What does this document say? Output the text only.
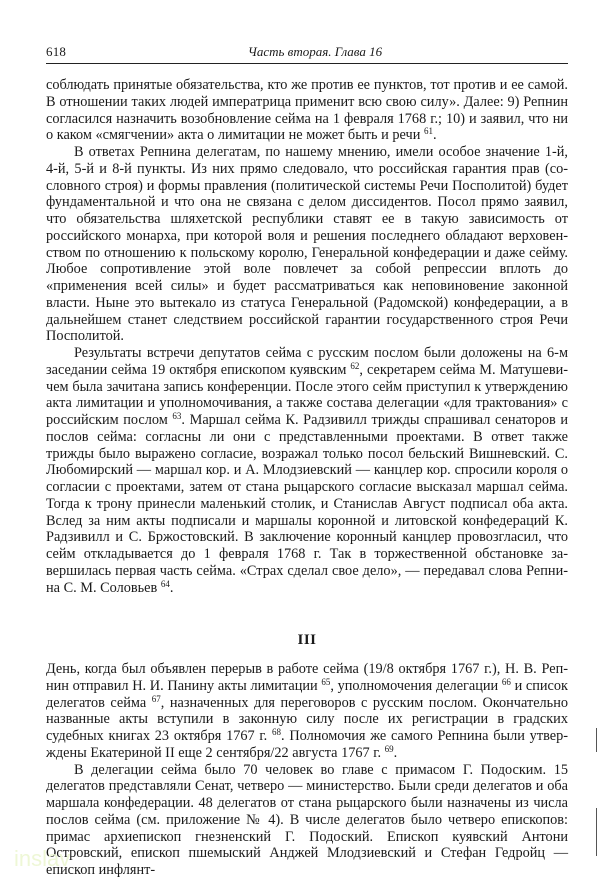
618	Часть вторая. Глава 16

соблюдать принятые обязательства, кто же против ее пунктов, тот против и ее самой. В отношении таких людей императрица применит всю свою силу». Далее: 9) Репнин согласился назначить возобновление сейма на 1 февраля 1768 г.; 10) и заявил, что ни о каком «смягчении» акта о лимитации не может быть и речи $^{61}$.

В ответах Репнина делегатам, по нашему мнению, имели особое значение 1-й, 4-й, 5-й и 8-й пункты. Из них прямо следовало, что российская гарантия прав (сословного строя) и формы правления (политической системы Речи Посполитой) будет фундаментальной и что она не связана с делом диссидентов. Посол прямо заявил, что обязательства шляхетской республики ставят ее в такую зависимость от российского монарха, при которой воля и решения последнего обладают верховенством по отношению к польскому королю, Генеральной конфедерации и даже сейму. Любое сопротивление этой воле повлечет за собой репрессии вплоть до «применения всей силы» и будет рассматриваться как неповиновение законной власти. Ныне это вытекало из статуса Генеральной (Радомской) конфедерации, а в дальнейшем станет следствием российской гарантии государственного строя Речи Посполитой.

Результаты встречи депутатов сейма с русским послом были доложены на 6-м заседании сейма 19 октября епископом куявским $^{62}$, секретарем сейма М. Матушевичем была зачитана запись конференции. После этого сейм приступил к утверждению акта лимитации и уполномочивания, а также состава делегации «для трактования» с российским послом $^{63}$. Маршал сейма К. Радзивилл трижды спрашивал сенаторов и послов сейма: согласны ли они с представленными проектами. В ответ также трижды было выражено согласие, возражал только посол бельский Вишневский. С. Любомирский — маршал кор. и А. Млодзиевский — канцлер кор. спросили короля о согласии с проектами, затем от стана рыцарского согласие высказал маршал сейма. Тогда к трону принесли маленький столик, и Станислав Август подписал оба акта. Вслед за ним акты подписали и маршалы коронной и литовской конфедераций К. Радзивилл и С. Бржостовский. В заключение коронный канцлер провозгласил, что сейм откладывается до 1 февраля 1768 г. Так в торжественной обстановке завершилась первая часть сейма. «Страх сделал свое дело», — передавал слова Репнина С. М. Соловьев $^{64}$.

III

День, когда был объявлен перерыв в работе сейма (19/8 октября 1767 г.), Н. В. Репнин отправил Н. И. Панину акты лимитации $^{65}$, уполномочения делегации $^{66}$ и список делегатов сейма $^{67}$, назначенных для переговоров с русским послом. Окончательно названные акты вступили в законную силу после их регистрации в градских судебных книгах 23 октября 1767 г. $^{68}$. Полномочия же самого Репнина были утверждены Екатериной II еще 2 сентября/22 августа 1767 г. $^{69}$.

В делегации сейма было 70 человек во главе с примасом Г. Подоским. 15 делегатов представляли Сенат, четверо — министерство. Были среди делегатов и оба маршала конфедерации. 48 делегатов от стана рыцарского были назначены из числа послов сейма (см. приложение № 4). В числе делегатов было четверо епископов: примас архиепископ гнезненский Г. Подоский. Епископ куявский Антони Островский, епископ пшемыский Анджей Млодзиевский и Стефан Гедройц — епископ инфлянт-

inslav
